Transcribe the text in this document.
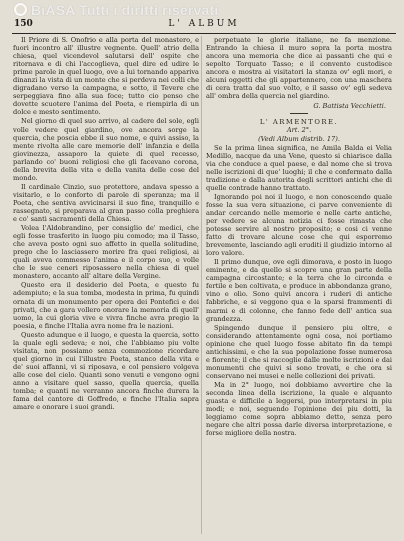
BiASA Tutti i diritti riservati
150	L' ALBUM

Il Priore di S. Onofrio e alla porta del monastero, e fuori incontro all' illustre vegnente. Quell' atrio della chiesa, quel vicendevol salutarsi dell' ospite che ritornava e di chi l'accoglieva, quel dire ed udire le prime parole in quel luogo, ove a lui tornando appariva dinanzi la vista di un monte che si perdeva nei colli che digradano verso la campagna, e sotto, il Tevere che serpeggiava fino alla sua foce; tutto cio penso che dovette scuotere l'anima del Poeta, e riempirla di un dolce e mesto sentimento.

Nel giorno di quel suo arrivo, al cadere del sole, egli volle vedere quel giardino, ove ancora sorge la quercia, che poscia ebbe il suo nome, e quivi assiso, la mente rivolta alle care memorie dell' infanzia e della giovinezza, assaporo la quiete di quel recesso, parlando co' buoni religiosi che gli facevano corona, della brevita della vita e della vanita delle cose del mondo.

Il cardinale Cinzio, suo protettore, andava spesso a visitarlo, e lo conforto di parole di speranza; ma il Poeta, che sentiva avvicinarsi il suo fine, tranquillo e rassegnato, si preparava al gran passo colla preghiera e co' santi sacramenti della Chiesa.

Volea l'Aldobrandino, per consiglio de' medici, che egli fosse trasferito in luogo piu comodo; ma il Tasso, che aveva posto ogni suo affetto in quella solitudine, prego che lo lasciassero morire fra quei religiosi, ai quali aveva commesso l'anima e il corpo suo, e volle che le sue ceneri riposassero nella chiesa di quel monastero, accanto all' altare della Vergine.

Questo era il desiderio del Poeta, e questo fu adempiuto; e la sua tomba, modesta in prima, fu quindi ornata di un monumento per opera dei Pontefici e dei privati, che a gara vollero onorare la memoria di quell' uomo, la cui gloria vive e vivra finche avra pregio la poesia, e finche l'Italia avra nome fra le nazioni.

Questo adunque e il luogo, e questa la quercia, sotto la quale egli sedeva; e noi, che l'abbiamo piu volte visitata, non possiamo senza commozione ricordare quel giorno in cui l'illustre Poeta, stanco della vita e de' suoi affanni, vi si riposava, e col pensiero volgeva alle cose del cielo. Quanti sono venuti e vengono ogni anno a visitare quel sasso, quella quercia, quella tomba; e quanti ne verranno ancora finche durera la fama del cantore di Goffredo, e finche l'Italia sapra amare e onorare i suoi grandi.

perpetuate le glorie italiane, ne fa menzione. Entrando la chiesa il muro sopra la porta mostra ancora una memoria che dice ai passanti che qui e sepolto Torquato Tasso; e il convento custodisce ancora e mostra ai visitatori la stanza ov' egli mori, e alcuni oggetti che gli appartennero, con una maschera di cera tratta dal suo volto, e il sasso ov' egli sedeva all' ombra della quercia nel giardino.

G. Battista Vecchietti.
L' ARMENTORE.
Art. 2°.
(Vedi Album distrib. 17).

Se la prima linea significa, ne Amila Balda ei Velia Medillo, nacque da una Vene, questo si chiarisce dalla via che conduce a quel paese, e dal nome che si trova nelle iscrizioni di que' luoghi; il che e confermato dalla tradizione e dalla autorita degli scrittori antichi che di quelle contrade hanno trattato.

Ignorando poi noi il luogo, e non conoscendo quale fosse la sua vera situazione, ci parve conveniente di andar cercando nelle memorie e nelle carte antiche, per vedere se alcuna notizia ci fosse rimasta che potesse servire al nostro proposito; e cosi ci venne fatto di trovare alcune cose che qui esporremo brevemente, lasciando agli eruditi il giudizio intorno al loro valore.

Il primo dunque, ove egli dimorava, e posto in luogo eminente, e da quello si scopre una gran parte della campagna circostante; e la terra che lo circonda e fertile e ben coltivata, e produce in abbondanza grano, vino e olio. Sono quivi ancora i ruderi di antiche fabbriche, e si veggono qua e la sparsi frammenti di marmi e di colonne, che fanno fede dell' antica sua grandezza.

Spingendo dunque il pensiero piu oltre, e considerando attentamente ogni cosa, noi portiamo opinione che quel luogo fosse abitato fin da tempi antichissimi, e che la sua popolazione fosse numerosa e fiorente; il che si raccoglie dalle molte iscrizioni e dai monumenti che quivi si sono trovati, e che ora si conservano nei musei e nelle collezioni dei privati.

Ma in 2° luogo, noi dobbiamo avvertire che la seconda linea della iscrizione, la quale e alquanto guasta e difficile a leggersi, puo interpretarsi in piu modi; e noi, seguendo l'opinione dei piu dotti, la leggiamo come sopra abbiamo detto, senza pero negare che altri possa darle diversa interpretazione, e forse migliore della nostra.
